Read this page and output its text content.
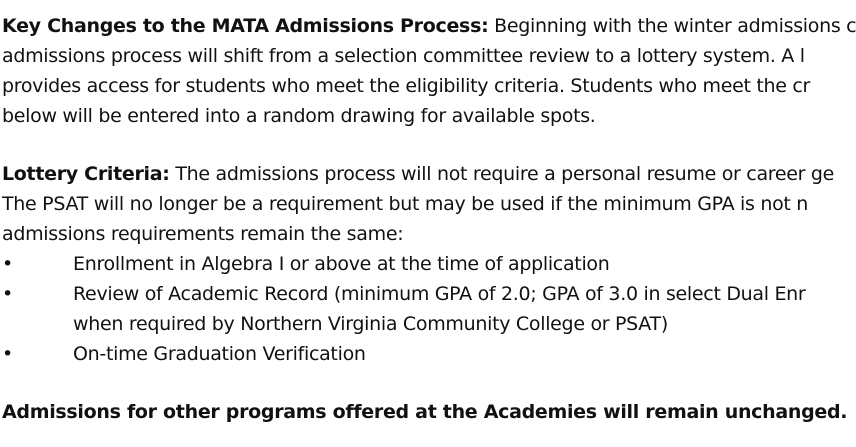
Key Changes to the MATA Admissions Process: Beginning with the winter admissions c
admissions process will shift from a selection committee review to a lottery system. A l
provides access for students who meet the eligibility criteria. Students who meet the cr
below will be entered into a random drawing for available spots.
Lottery Criteria: The admissions process will not require a personal resume or career ge
The PSAT will no longer be a requirement but may be used if the minimum GPA is not n
admissions requirements remain the same:
•	Enrollment in Algebra I or above at the time of application
•	Review of Academic Record (minimum GPA of 2.0; GPA of 3.0 in select Dual Enr
when required by Northern Virginia Community College or PSAT)
•	On-time Graduation Verification
Admissions for other programs offered at the Academies will remain unchanged.
